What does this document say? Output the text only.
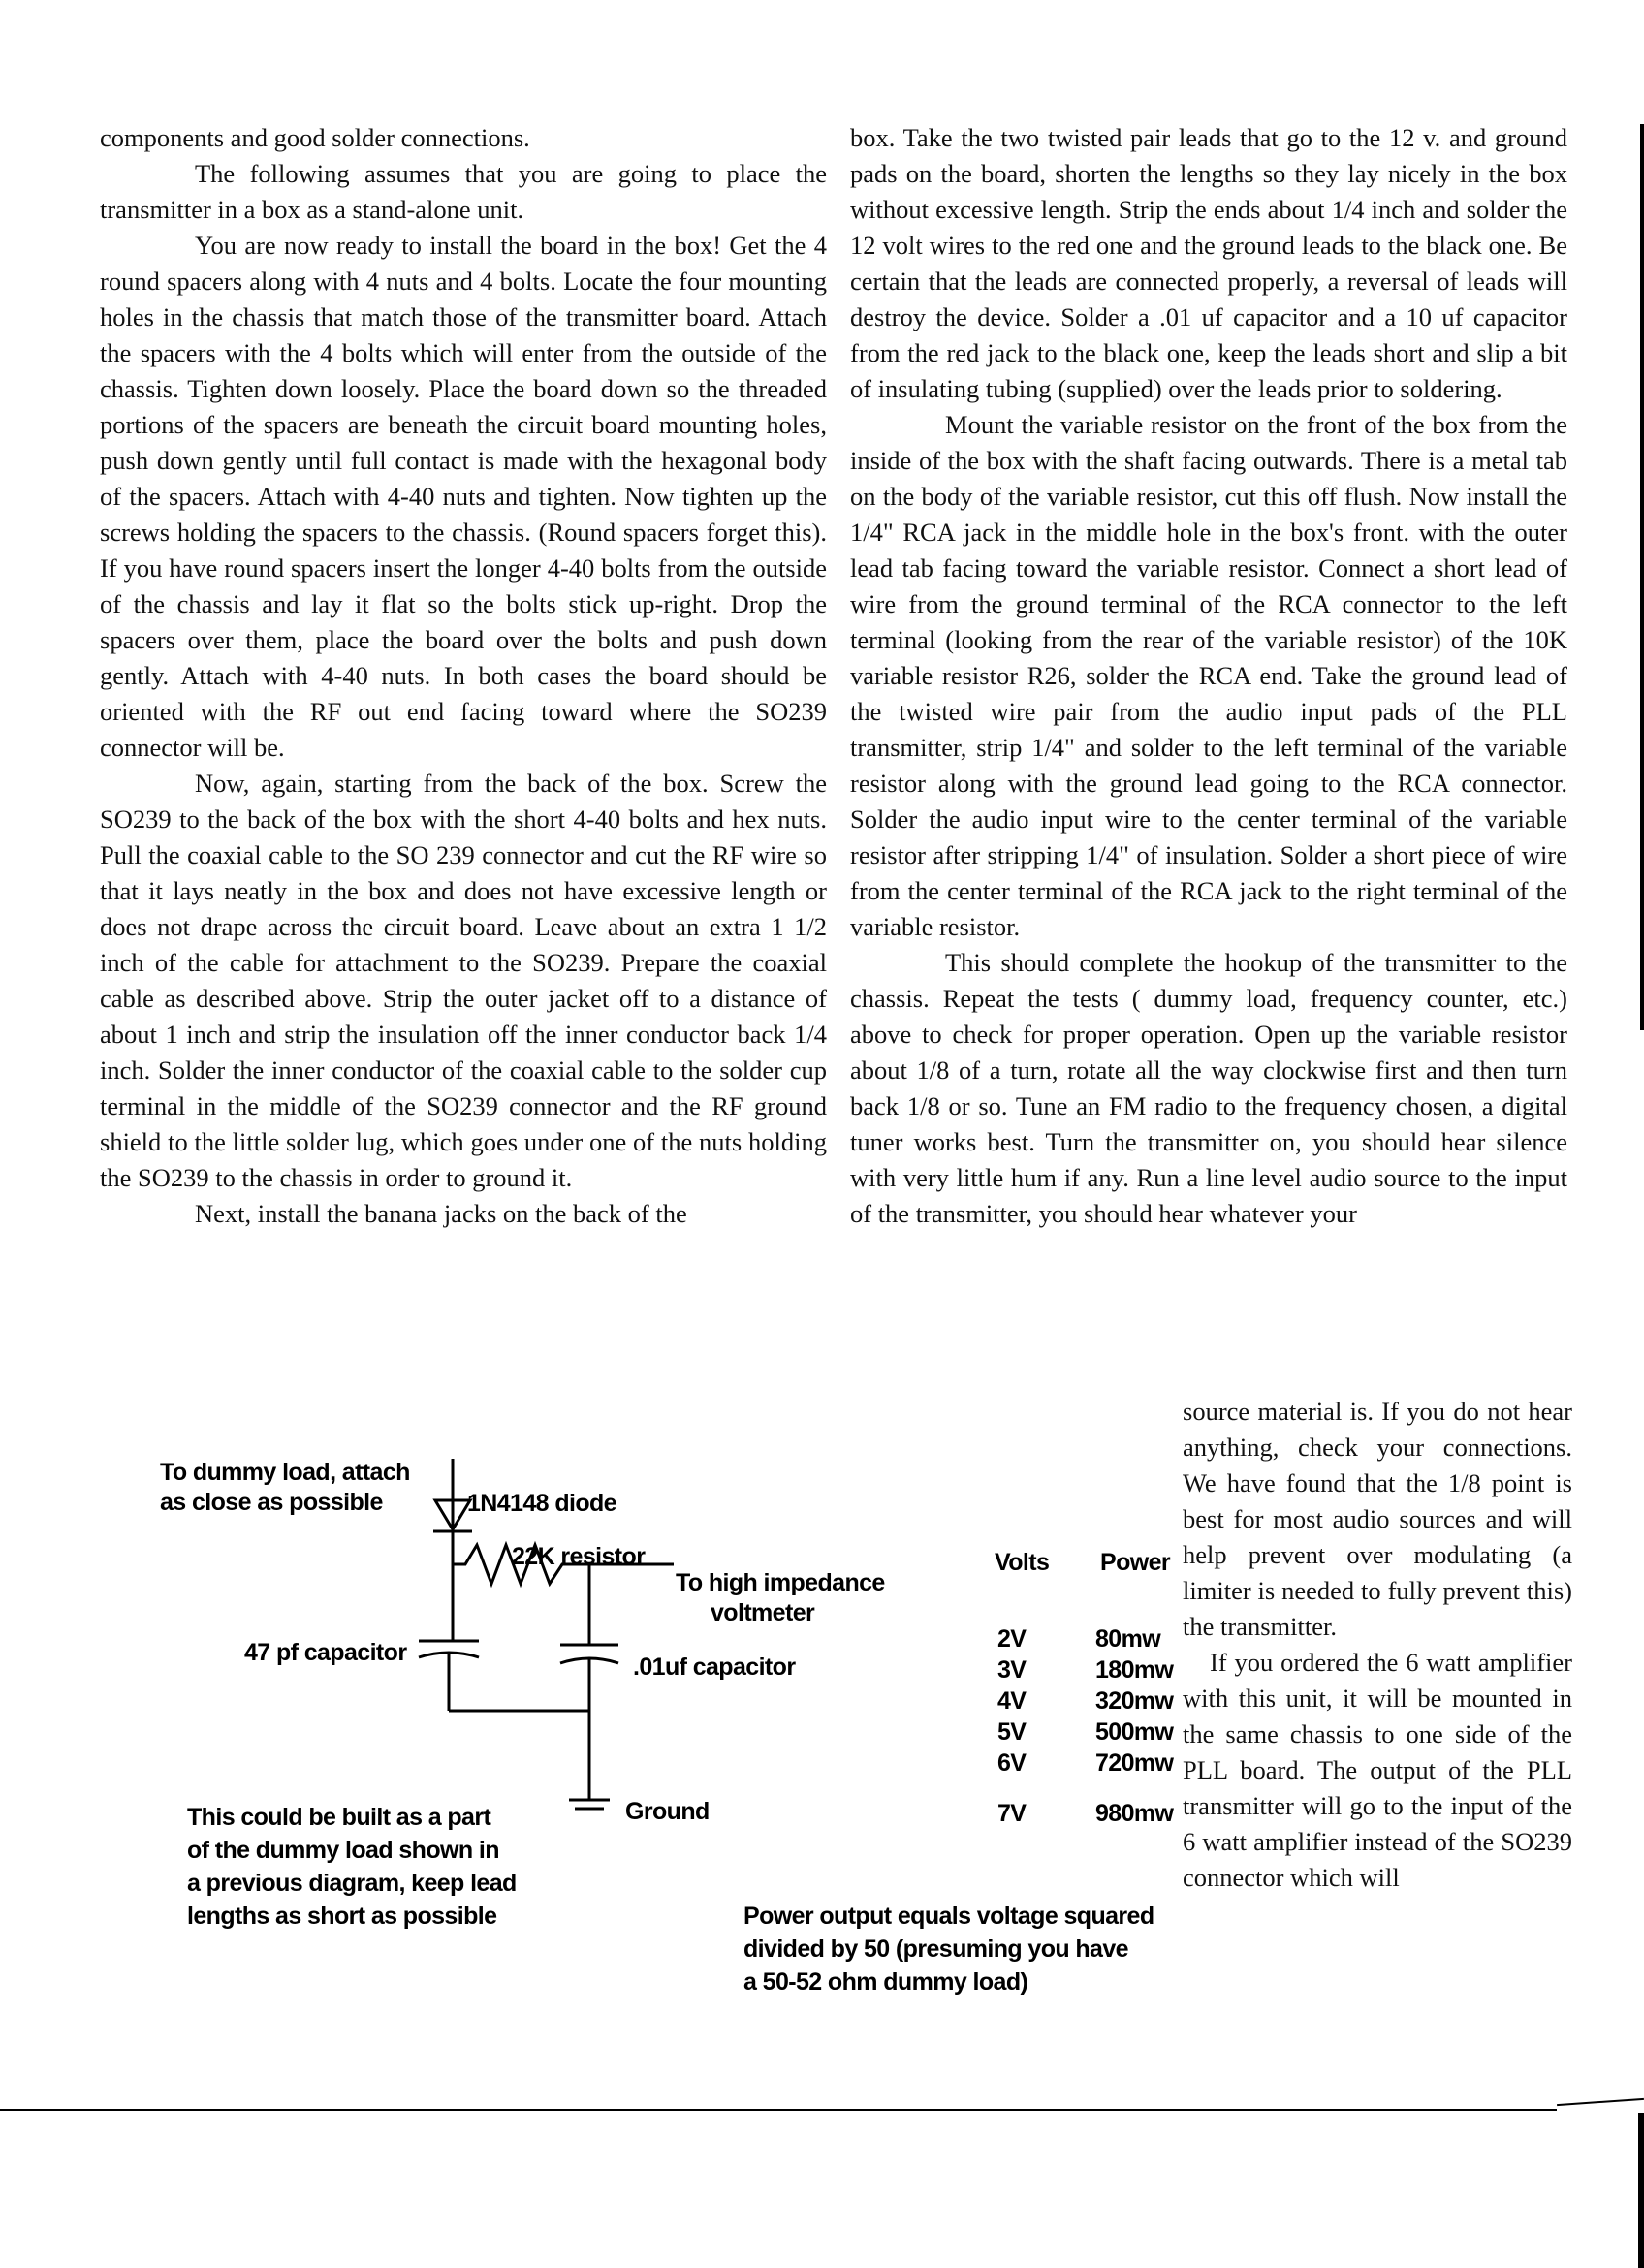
components and good solder connections.

The following assumes that you are going to place the transmitter in a box as a stand-alone unit.

You are now ready to install the board in the box! Get the 4 round spacers along with 4 nuts and 4 bolts. Locate the four mounting holes in the chassis that match those of the transmitter board. Attach the spacers with the 4 bolts which will enter from the outside of the chassis. Tighten down loosely. Place the board down so the threaded portions of the spacers are beneath the circuit board mounting holes, push down gently until full contact is made with the hexagonal body of the spacers. Attach with 4-40 nuts and tighten. Now tighten up the screws holding the spacers to the chassis. (Round spacers forget this). If you have round spacers insert the longer 4-40 bolts from the outside of the chassis and lay it flat so the bolts stick up-right. Drop the spacers over them, place the board over the bolts and push down gently. Attach with 4-40 nuts. In both cases the board should be oriented with the RF out end facing toward where the SO239 connector will be.

Now, again, starting from the back of the box. Screw the SO239 to the back of the box with the short 4-40 bolts and hex nuts. Pull the coaxial cable to the SO 239 connector and cut the RF wire so that it lays neatly in the box and does not have excessive length or does not drape across the circuit board. Leave about an extra 1 1/2 inch of the cable for attachment to the SO239. Prepare the coaxial cable as described above. Strip the outer jacket off to a distance of about 1 inch and strip the insulation off the inner conductor back 1/4 inch. Solder the inner conductor of the coaxial cable to the solder cup terminal in the middle of the SO239 connector and the RF ground shield to the little solder lug, which goes under one of the nuts holding the SO239 to the chassis in order to ground it.

Next, install the banana jacks on the back of the

box. Take the two twisted pair leads that go to the 12 v. and ground pads on the board, shorten the lengths so they lay nicely in the box without excessive length. Strip the ends about 1/4 inch and solder the 12 volt wires to the red one and the ground leads to the black one. Be certain that the leads are connected properly, a reversal of leads will destroy the device. Solder a .01 uf capacitor and a 10 uf capacitor from the red jack to the black one, keep the leads short and slip a bit of insulating tubing (supplied) over the leads prior to soldering.

Mount the variable resistor on the front of the box from the inside of the box with the shaft facing outwards. There is a metal tab on the body of the variable resistor, cut this off flush. Now install the 1/4" RCA jack in the middle hole in the box's front. with the outer lead tab facing toward the variable resistor. Connect a short lead of wire from the ground terminal of the RCA connector to the left terminal (looking from the rear of the variable resistor) of the 10K variable resistor R26, solder the RCA end. Take the ground lead of the twisted wire pair from the audio input pads of the PLL transmitter, strip 1/4" and solder to the left terminal of the variable resistor along with the ground lead going to the RCA connector. Solder the audio input wire to the center terminal of the variable resistor after stripping 1/4" of insulation. Solder a short piece of wire from the center terminal of the RCA jack to the right terminal of the variable resistor.

This should complete the hookup of the transmitter to the chassis. Repeat the tests ( dummy load, frequency counter, etc.) above to check for proper operation. Open up the variable resistor about 1/8 of a turn, rotate all the way clockwise first and then turn back 1/8 or so. Tune an FM radio to the frequency chosen, a digital tuner works best. Turn the transmitter on, you should hear silence with very little hum if any. Run a line level audio source to the input of the transmitter, you should hear whatever your

source material is. If you do not hear anything, check your connections. We have found that the 1/8 point is best for most audio sources and will help prevent over modulating (a limiter is needed to fully prevent this) the transmitter.

If you ordered the 6 watt amplifier with this unit, it will be mounted in the same chassis to one side of the PLL board. The output of the PLL transmitter will go to the input of the 6 watt amplifier instead of the SO239 connector which will

To dummy load, attach
as close as possible	1N4148 diode
22K resistor
To high impedance
voltmeter
47 pf capacitor
.01uf capacitor
Ground
This could be built as a part
of the dummy load shown in
a previous diagram, keep lead
lengths as short as possible
Volts Power
2V	80mw
3V	180mw
4V	320mw
5V	500mw
6V	720mw
7V	980mw
Power output equals voltage squared
divided by 50 (presuming you have
a 50-52 ohm dummy load)
